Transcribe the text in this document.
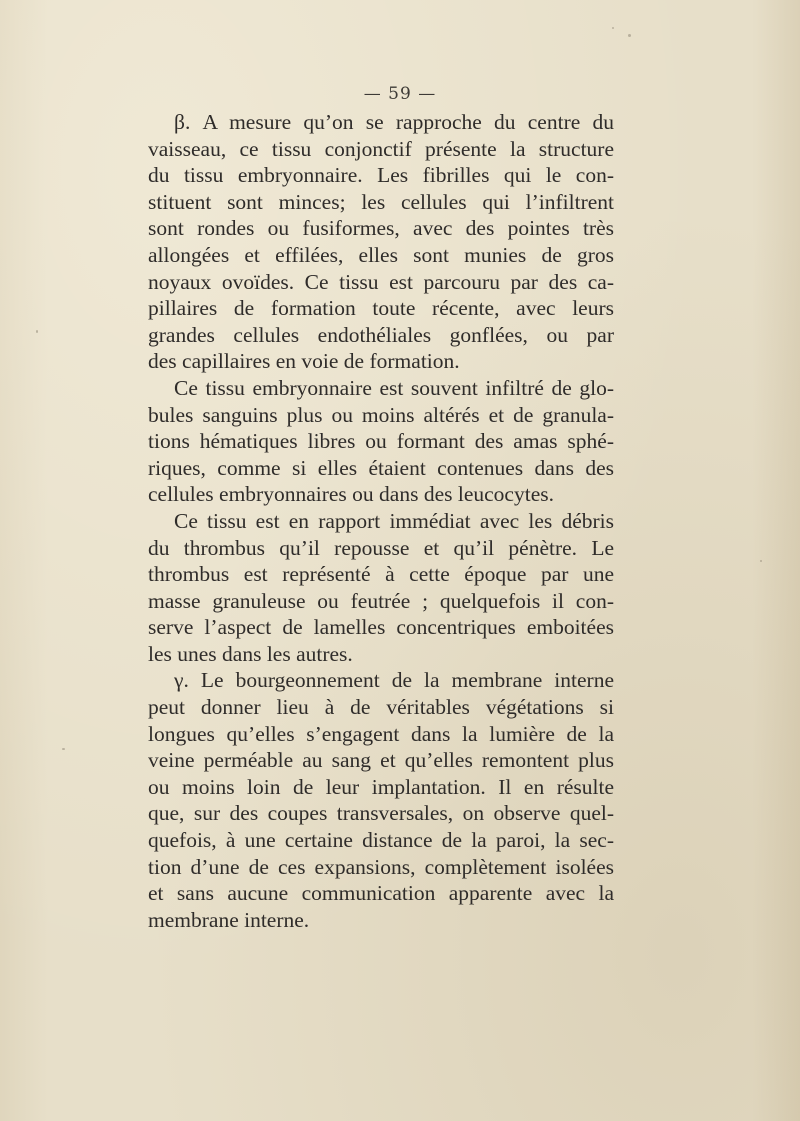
— 59 —
β. A mesure qu’on se rapproche du centre du
vaisseau, ce tissu conjonctif présente la structure
du tissu embryonnaire. Les fibrilles qui le con-
stituent sont minces; les cellules qui l’infiltrent
sont rondes ou fusiformes, avec des pointes très
allongées et effilées, elles sont munies de gros
noyaux ovoïdes. Ce tissu est parcouru par des ca-
pillaires de formation toute récente, avec leurs
grandes cellules endothéliales gonflées, ou par
des capillaires en voie de formation.
Ce tissu embryonnaire est souvent infiltré de glo-
bules sanguins plus ou moins altérés et de granula-
tions hématiques libres ou formant des amas sphé-
riques, comme si elles étaient contenues dans des
cellules embryonnaires ou dans des leucocytes.
Ce tissu est en rapport immédiat avec les débris
du thrombus qu’il repousse et qu’il pénètre. Le
thrombus est représenté à cette époque par une
masse granuleuse ou feutrée ; quelquefois il con-
serve l’aspect de lamelles concentriques emboitées
les unes dans les autres.
γ. Le bourgeonnement de la membrane interne
peut donner lieu à de véritables végétations si
longues qu’elles s’engagent dans la lumière de la
veine perméable au sang et qu’elles remontent plus
ou moins loin de leur implantation. Il en résulte
que, sur des coupes transversales, on observe quel-
quefois, à une certaine distance de la paroi, la sec-
tion d’une de ces expansions, complètement isolées
et sans aucune communication apparente avec la
membrane interne.
